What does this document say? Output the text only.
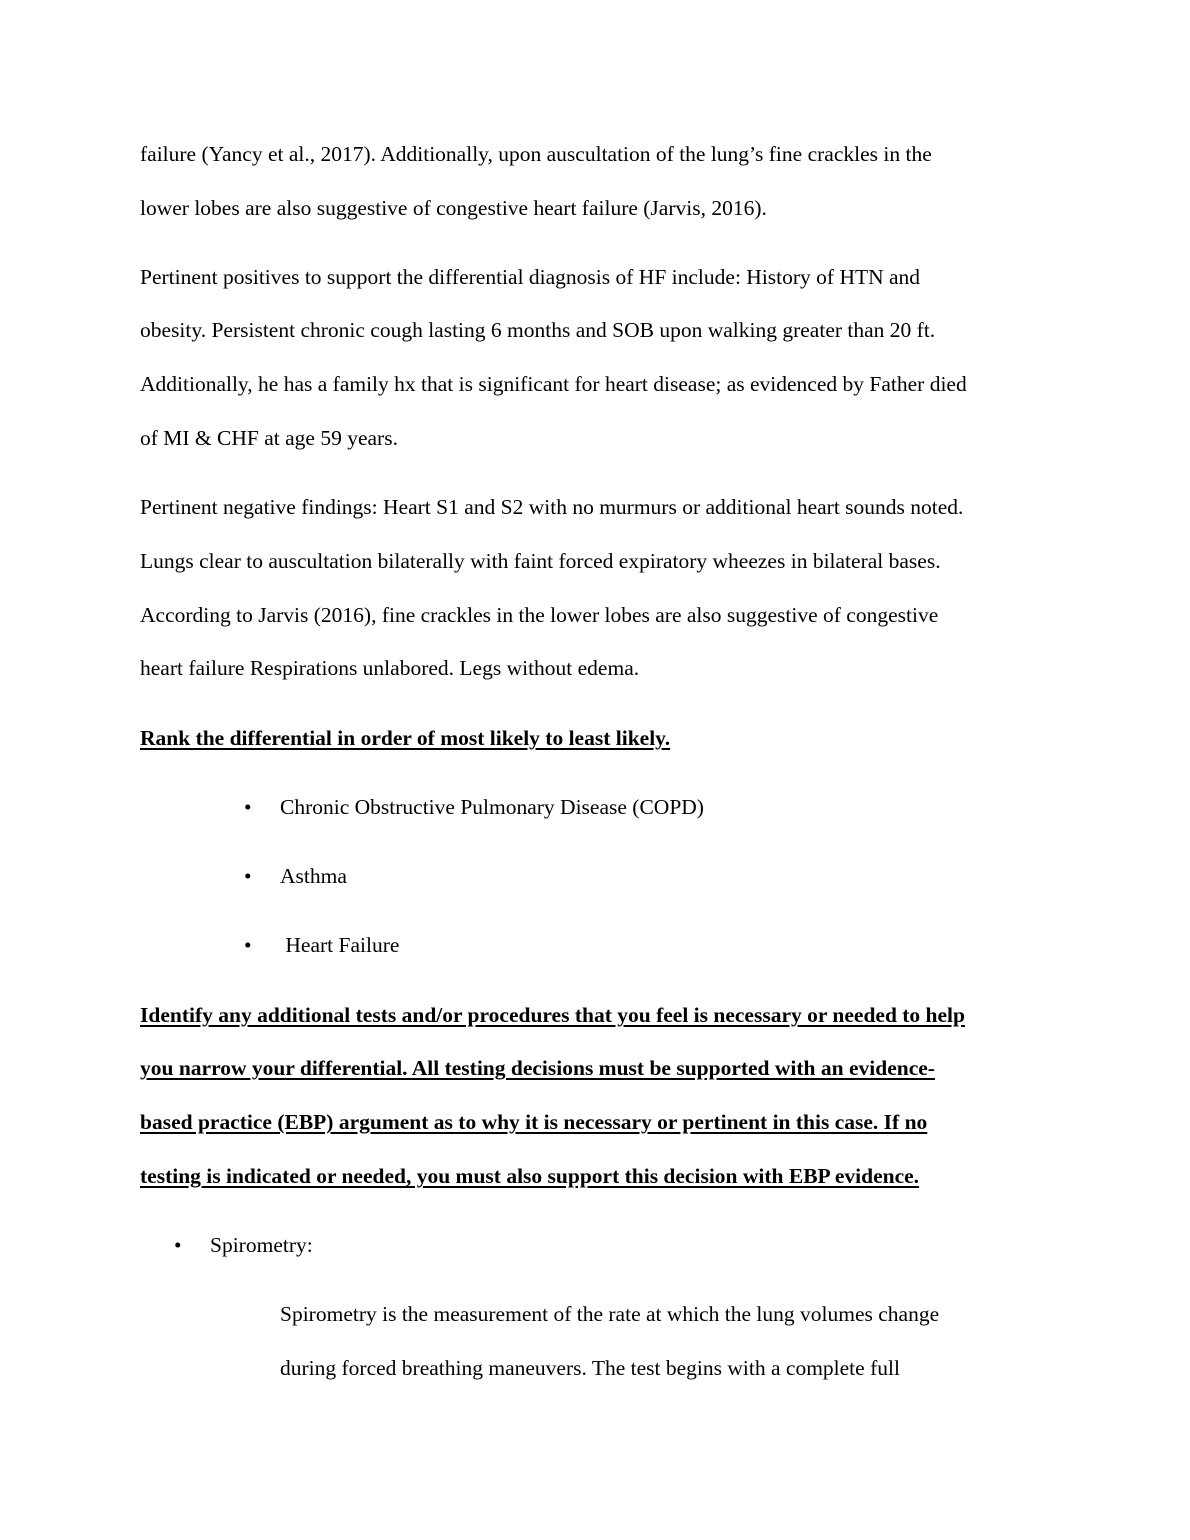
failure (Yancy et al., 2017). Additionally, upon auscultation of the lung’s fine crackles in the
lower lobes are also suggestive of congestive heart failure (Jarvis, 2016).
Pertinent positives to support the differential diagnosis of HF include: History of HTN and
obesity. Persistent chronic cough lasting 6 months and SOB upon walking greater than 20 ft.
Additionally, he has a family hx that is significant for heart disease; as evidenced by Father died
of MI & CHF at age 59 years.
Pertinent negative findings: Heart S1 and S2 with no murmurs or additional heart sounds noted.
Lungs clear to auscultation bilaterally with faint forced expiratory wheezes in bilateral bases.
According to Jarvis (2016), fine crackles in the lower lobes are also suggestive of congestive
heart failure Respirations unlabored. Legs without edema.
Rank the differential in order of most likely to least likely.
• Chronic Obstructive Pulmonary Disease (COPD)
• Asthma
• Heart Failure
Identify any additional tests and/or procedures that you feel is necessary or needed to help
you narrow your differential. All testing decisions must be supported with an evidence-
based practice (EBP) argument as to why it is necessary or pertinent in this case. If no
testing is indicated or needed, you must also support this decision with EBP evidence.
• Spirometry:
Spirometry is the measurement of the rate at which the lung volumes change
during forced breathing maneuvers. The test begins with a complete full
